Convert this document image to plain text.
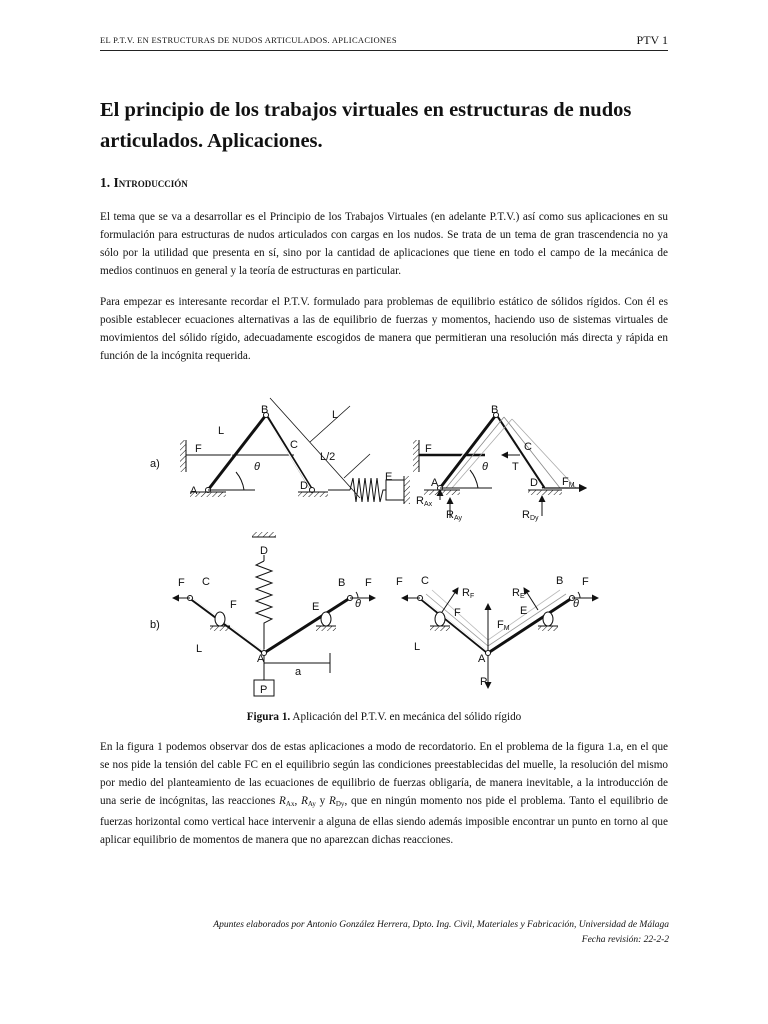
EL P.T.V. EN ESTRUCTURAS DE NUDOS ARTICULADOS. APLICACIONES	PTV 1
El principio de los trabajos virtuales en estructuras de nudos articulados. Aplicaciones.
1. Introducción

El tema que se va a desarrollar es el Principio de los Trabajos Virtuales (en adelante P.T.V.) así como sus aplicaciones en su formulación para estructuras de nudos articulados con cargas en los nudos. Se trata de un tema de gran trascendencia no ya sólo por la utilidad que presenta en sí, sino por la cantidad de aplicaciones que tiene en todo el campo de la mecánica de medios continuos en general y la teoría de estructuras en particular.

Para empezar es interesante recordar el P.T.V. formulado para problemas de equilibrio estático de sólidos rígidos. Con él es posible establecer ecuaciones alternativas a las de equilibrio de fuerzas y momentos, haciendo uso de sistemas virtuales de movimientos del sólido rígido, adecuadamente escogidos de manera que permitieran una resolución más directa y rápida en función de la incógnita requerida.

a)
B
L
L
F	C
L/2
θ
A	D
E
B
F	C
θ T
A	D FM
RAx
RAy	RDy
b)
D
F C
F
B F
E	θ
L
A
a
P
F C
RF
F
FM
RE
B F
E
θ
L
A
P

Figura 1. Aplicación del P.T.V. en mecánica del sólido rígido

En la figura 1 podemos observar dos de estas aplicaciones a modo de recordatorio. En el problema de la figura 1.a, en el que se nos pide la tensión del cable FC en el equilibrio según las condiciones preestablecidas del muelle, la resolución del mismo por medio del planteamiento de las ecuaciones de equilibrio de fuerzas obligaría, de manera inevitable, a la introducción de una serie de incógnitas, las reacciones $R_{Ax}$, $R_{Ay}$ y $R_{Dy}$, que en ningún momento nos pide el problema. Tanto el equilibrio de fuerzas horizontal como vertical hace intervenir a alguna de ellas siendo además imposible encontrar un punto en torno al que aplicar equilibrio de momentos de manera que no aparezcan dichas reacciones.

Apuntes elaborados por Antonio González Herrera, Dpto. Ing. Civil, Materiales y Fabricación, Universidad de Málaga
Fecha revisión: 22-2-2
